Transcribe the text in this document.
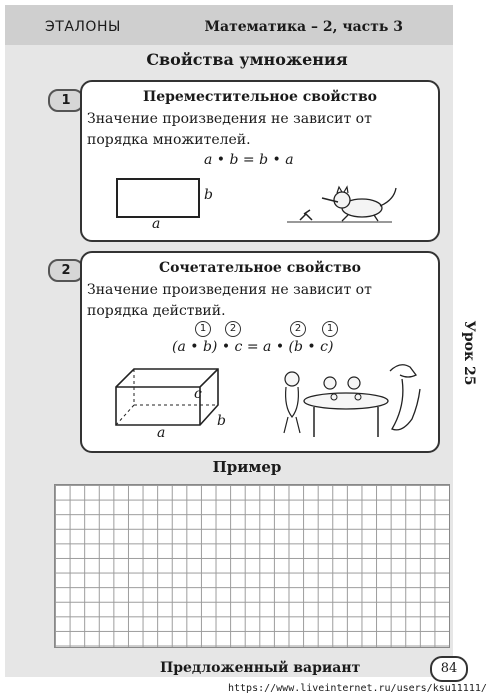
ЭТАЛОНЫ	Математика – 2, часть 3
Свойства умножения
1	Переместительное свойство
Значение произведения не зависит от
порядка множителей.
a • b = b • a
b
a
2	Сочетательное свойство
Значение произведения не зависит от
порядка действий.
1	2	2	1
(a • b) • c = a • (b • c)
c
b
a
Урок 25
Пример
Предложенный вариант	84
https://www.liveinternet.ru/users/ksu11111/
